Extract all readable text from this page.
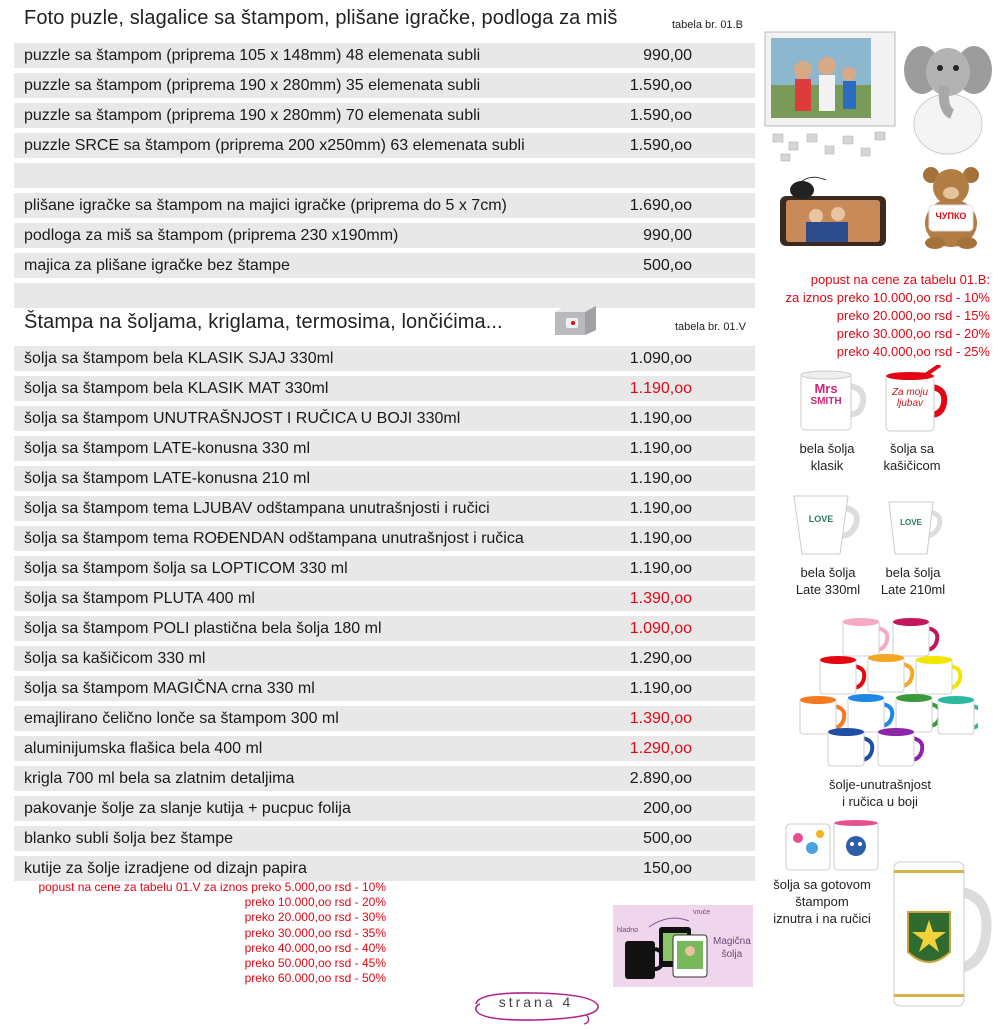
Foto puzle, slagalice sa štampom, plišane igračke, podloga za miš	tabela br. 01.B
puzzle sa štampom (priprema 105 x 148mm) 48 elemenata subli	990,00
puzzle sa štampom (priprema 190 x 280mm) 35 elemenata subli	1.590,oo
puzzle sa štampom (priprema 190 x 280mm) 70 elemenata subli	1.590,oo
puzzle SRCE sa štampom (priprema 200 x250mm) 63 elemenata subli	1.590,oo
plišane igračke sa štampom na majici igračke (priprema do 5 x 7cm)	1.690,oo
podloga za miš sa štampom (priprema 230 x190mm)	990,00
majica za plišane igračke bez štampe	500,oo
Štampa na šoljama, kriglama, termosima, lončićima...	tabela br. 01.V
šolja sa štampom bela KLASIK SJAJ 330ml	1.090,oo
šolja sa štampom bela KLASIK MAT 330ml	1.190,oo
šolja sa štampom UNUTRAŠNJOST I RUČICA U BOJI 330ml	1.190,oo
šolja sa štampom LATE-konusna 330 ml	1.190,oo
šolja sa štampom LATE-konusna 210 ml	1.190,oo
šolja sa štampom tema LJUBAV odštampana unutrašnjosti i ručici	1.190,oo
šolja sa štampom tema ROĐENDAN odštampana unutrašnjost i ručica	1.190,oo
šolja sa štampom šolja sa LOPTICOM 330 ml	1.190,oo
šolja sa štampom PLUTA 400 ml	1.390,oo
šolja sa štampom POLI plastična bela šolja 180 ml	1.090,oo
šolja sa kašičicom 330 ml	1.290,oo
šolja sa štampom MAGIČNA crna 330 ml	1.190,oo
emajlirano čelično lonče sa štampom 300 ml	1.390,oo
aluminijumska flašica bela 400 ml	1.290,oo
krigla 700 ml bela sa zlatnim detaljima	2.890,oo
pakovanje šolje za slanje kutija + pucpuc folija	200,oo
blanko subli šolja bez štampe	500,oo
kutije za šolje izradjene od dizajn papira	150,oo
popust na cene za tabelu 01.V za iznos preko 5.000,oo rsd - 10%
preko 10.000,oo rsd - 20%
preko 20.000,oo rsd - 30%
preko 30.000,oo rsd - 35%
preko 40.000,oo rsd - 40%
preko 50.000,oo rsd - 45%
preko 60.000,oo rsd - 50%
ЧУПКО
popust na cene za tabelu 01.B:
za iznos preko 10.000,oo rsd - 10%
preko 20.000,oo rsd - 15%
preko 30.000,oo rsd - 20%
preko 40.000,oo rsd - 25%
Mrs
SMITH
bela šolja
klasik
Za moju
ljubav
šolja sa
kašičicom
LOVE
bela šolja
Late 330ml
LOVE
bela šolja
Late 210ml
šolje-unutrašnjost
i ručica u boji
šolja sa gotovom
štampom
iznutra i na ručici
hladno
vruće
Magična
šolja
strana 4
